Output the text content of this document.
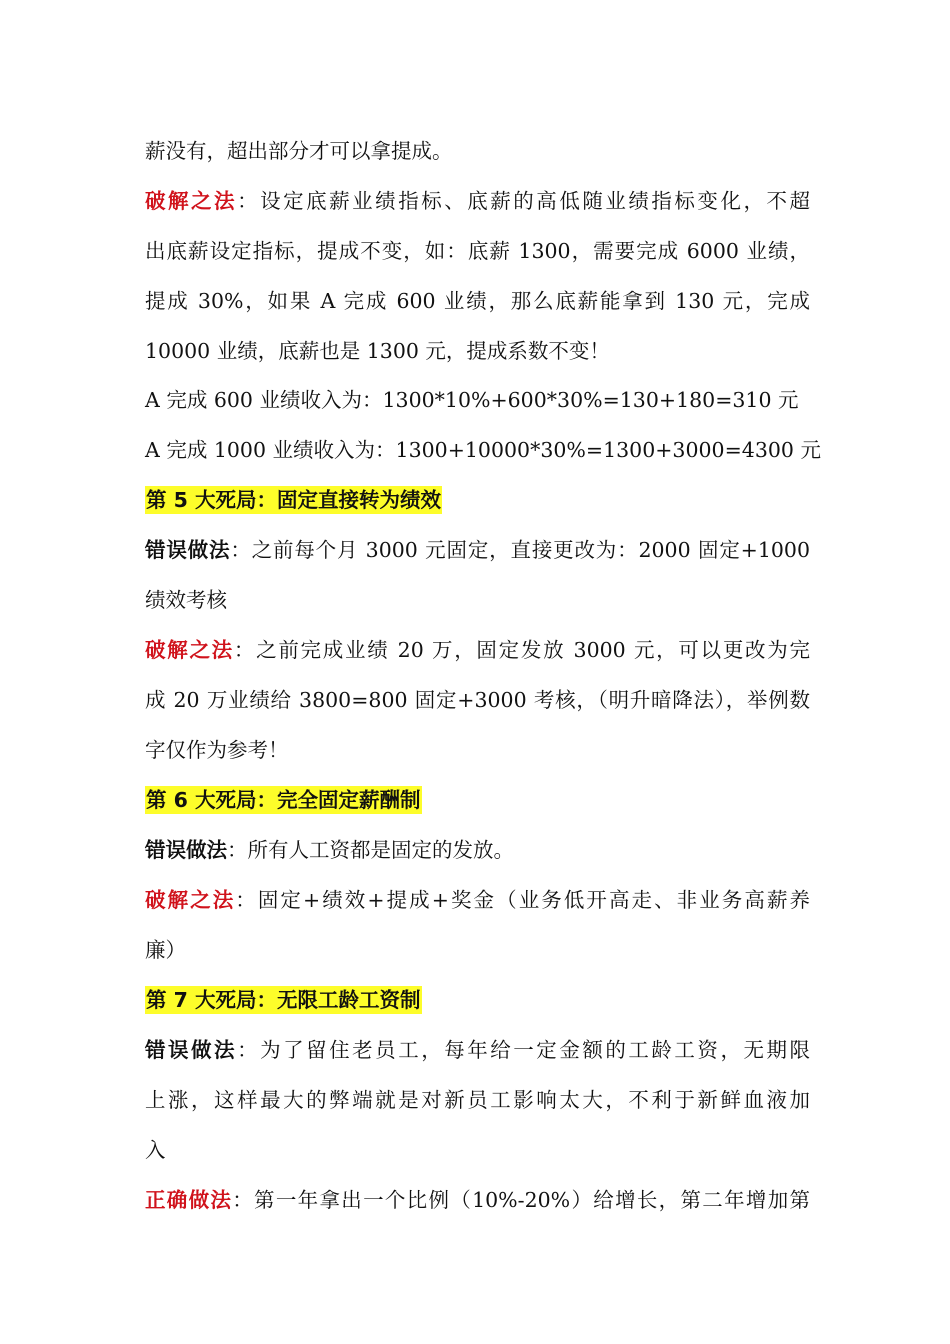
薪没有，超出部分才可以拿提成。
破解之法：设定底薪业绩指标、底薪的高低随业绩指标变化，不超
出底薪设定指标，提成不变，如：底薪 1300，需要完成 6000 业绩，
提成 30%，如果 A 完成 600 业绩，那么底薪能拿到 130 元，完成
10000 业绩，底薪也是 1300 元，提成系数不变！
A 完成 600 业绩收入为：1300*10%+600*30%=130+180=310 元
A 完成 1000 业绩收入为：1300+10000*30%=1300+3000=4300 元
第 5 大死局：固定直接转为绩效
错误做法：之前每个月 3000 元固定，直接更改为：2000 固定+1000
绩效考核
破解之法：之前完成业绩 20 万，固定发放 3000 元，可以更改为完
成 20 万业绩给 3800=800 固定+3000 考核，（明升暗降法），举例数
字仅作为参考！
第 6 大死局：完全固定薪酬制
错误做法：所有人工资都是固定的发放。
破解之法：固定+绩效+提成+奖金（业务低开高走、非业务高薪养
廉）
第 7 大死局：无限工龄工资制
错误做法：为了留住老员工，每年给一定金额的工龄工资，无期限
上涨，这样最大的弊端就是对新员工影响太大，不利于新鲜血液加
入
正确做法：第一年拿出一个比例（10%-20%）给增长，第二年增加第
